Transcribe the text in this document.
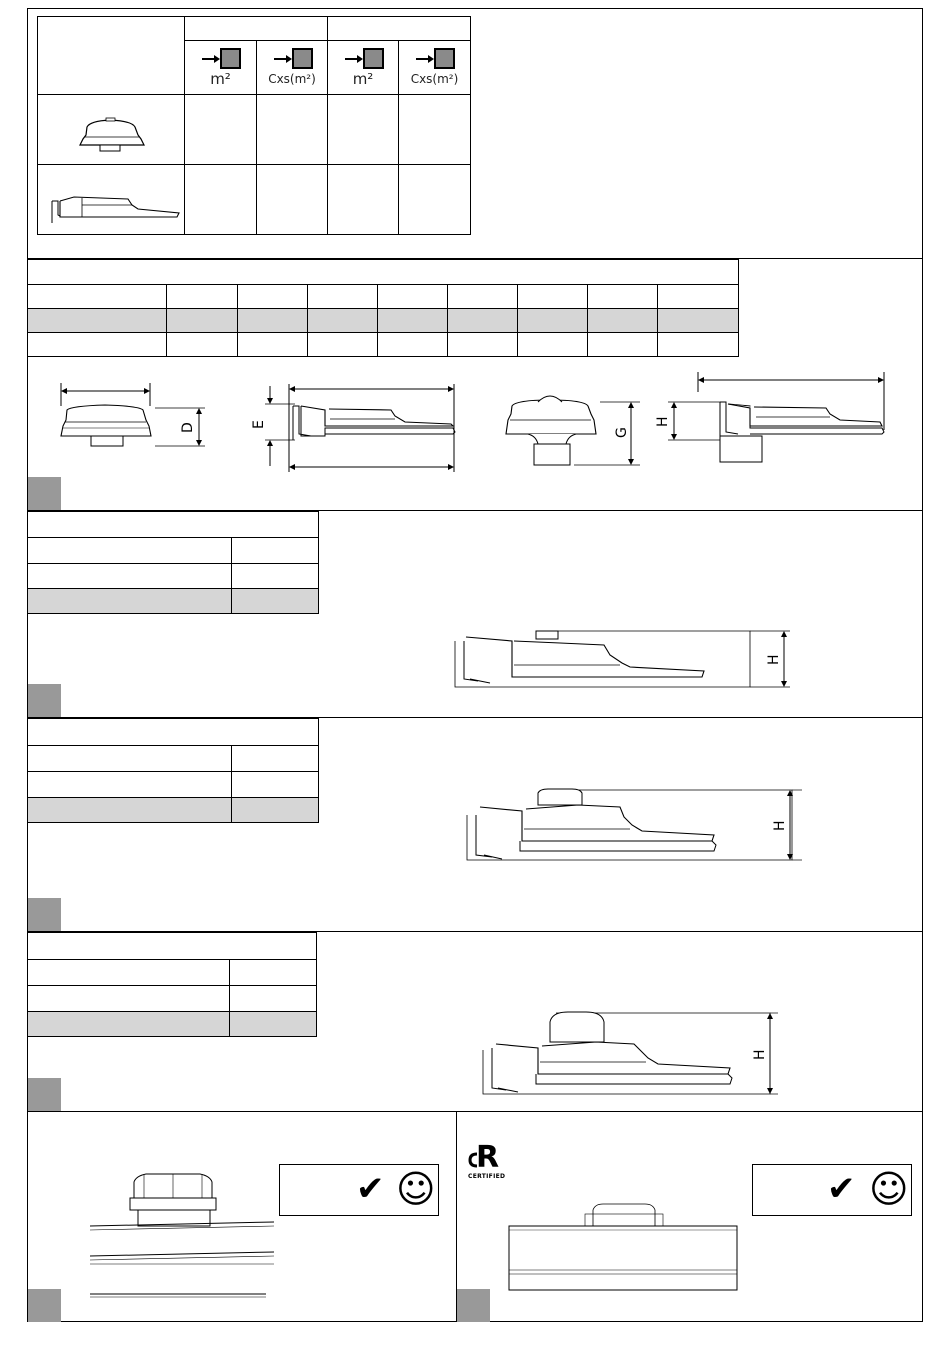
	m²	Cxs(m²)	m²	Cxs(m²)

D	E
G
H

H

H

H
✔ ☺
R
CERTIFIED	✔ ☺
